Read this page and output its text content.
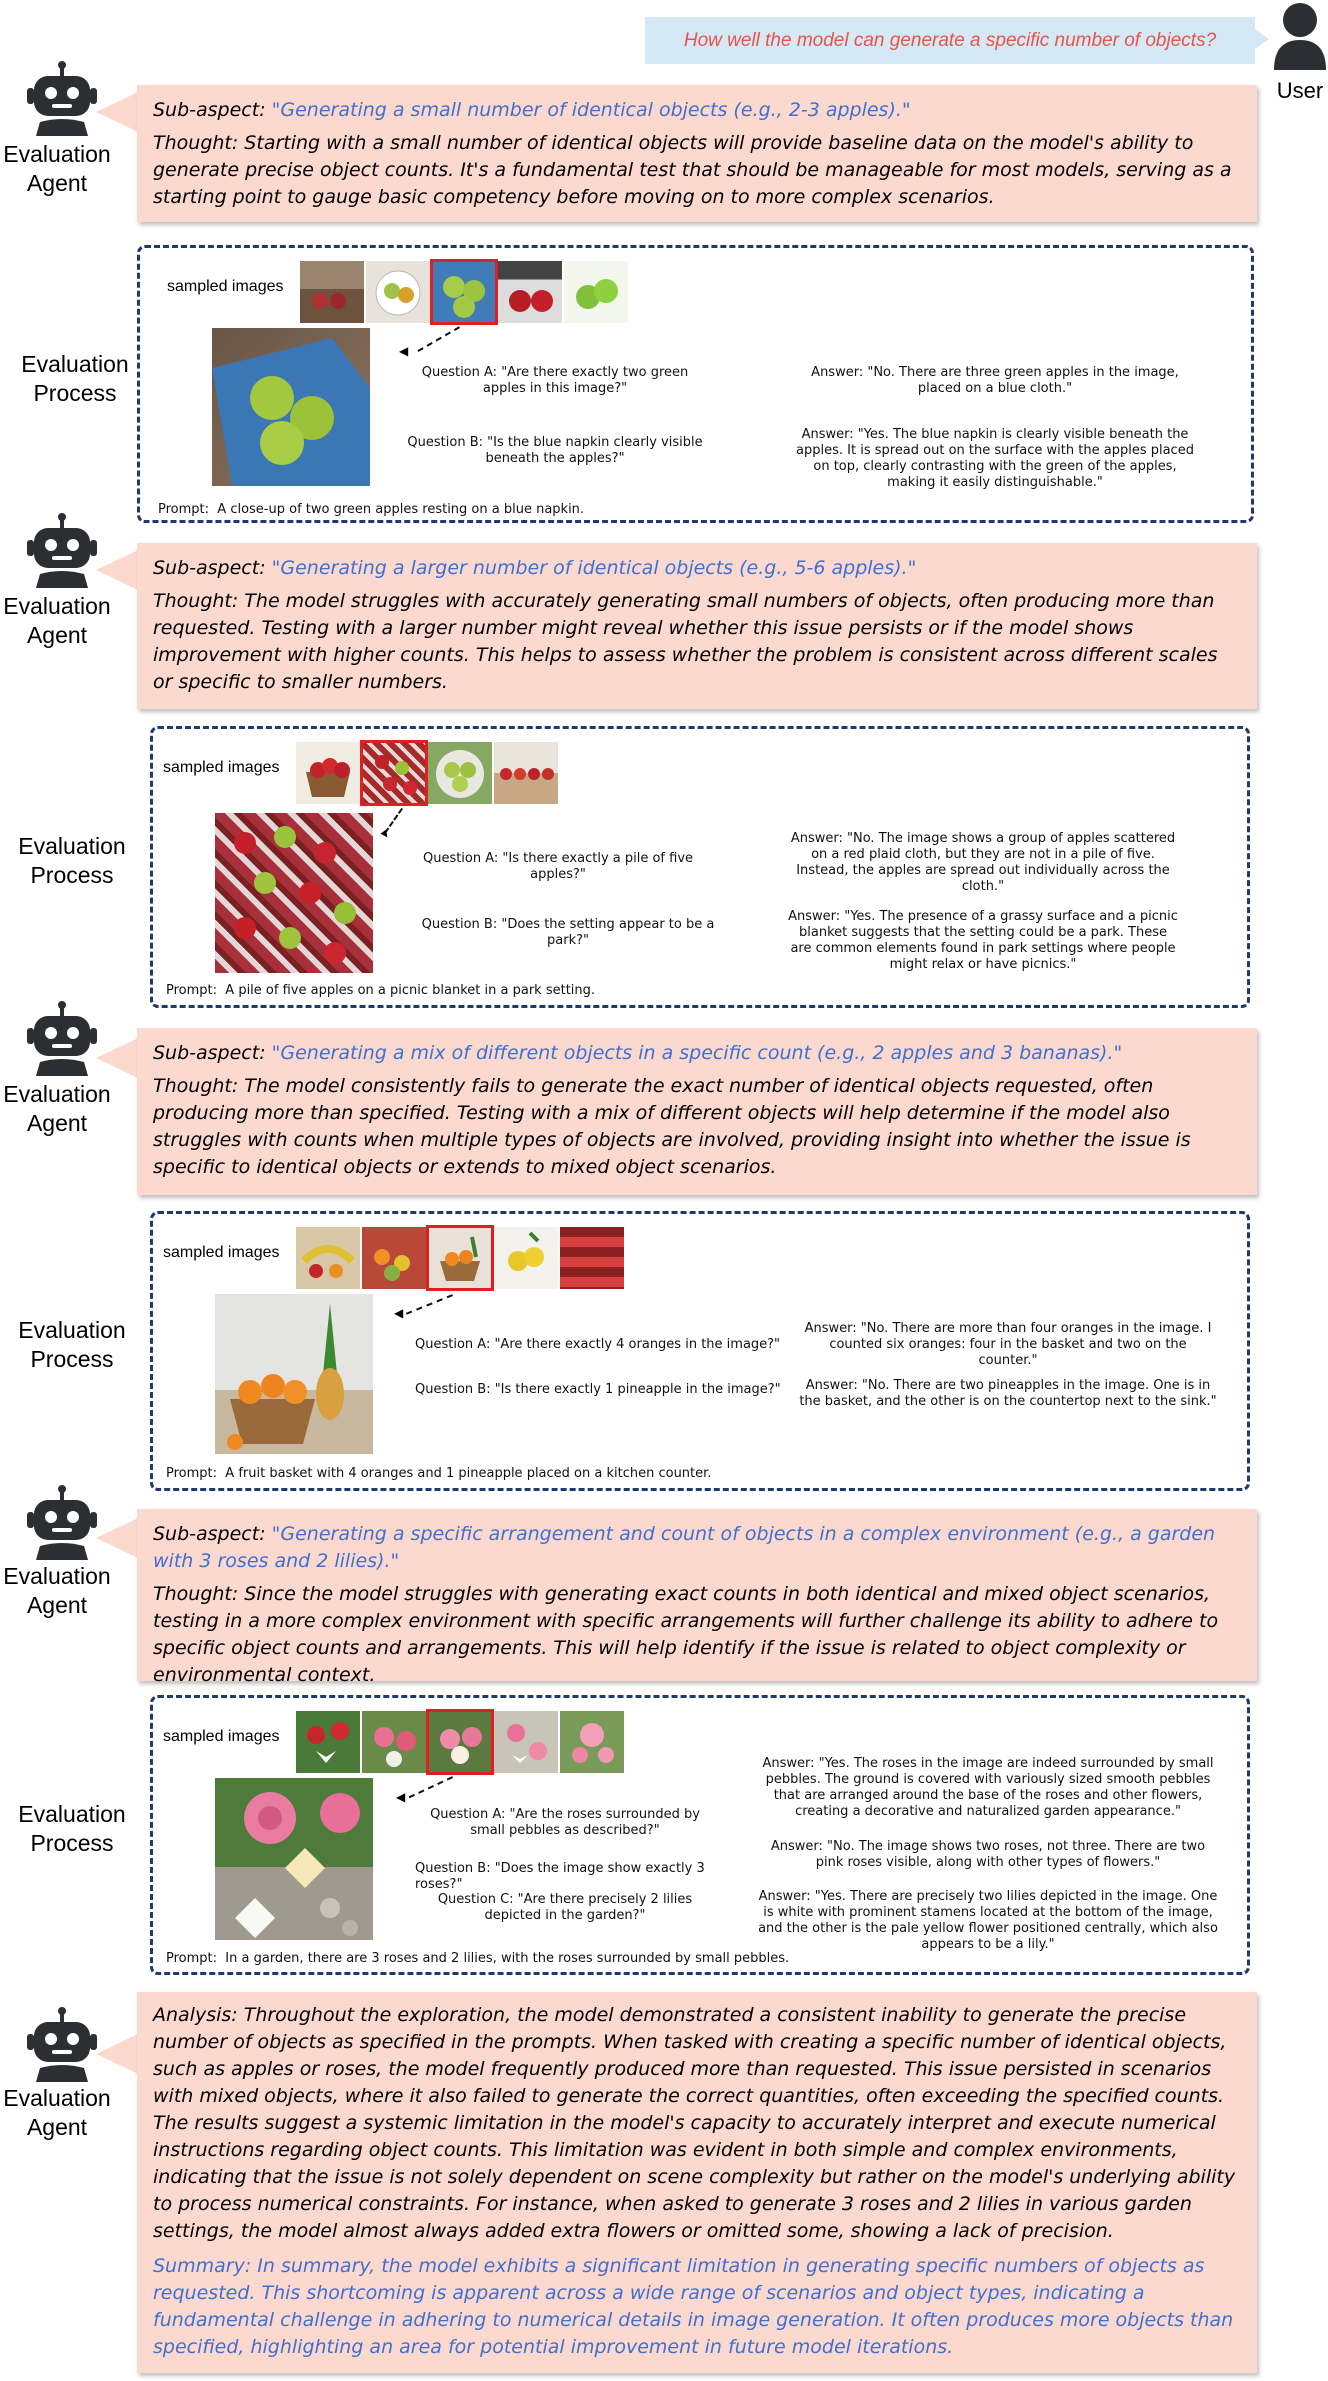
How well the model can generate a specific number of objects?
User
Evaluation
Agent

Sub-aspect: "Generating a small number of identical objects (e.g., 2-3 apples)."

Thought: Starting with a small number of identical objects will provide baseline data on the model's ability to generate precise object counts. It's a fundamental test that should be manageable for most models, serving as a starting point to gauge basic competency before moving on to more complex scenarios.

Evaluation
Process
sampled images
◀
Question A: "Are there exactly two green apples in this image?"
Question B: "Is the blue napkin clearly visible beneath the apples?"
Answer: "No. There are three green apples in the image, placed on a blue cloth."
Answer: "Yes. The blue napkin is clearly visible beneath the apples. It is spread out on the surface with the apples placed on top, clearly contrasting with the green of the apples, making it easily distinguishable."
Prompt: A close-up of two green apples resting on a blue napkin.
Evaluation
Agent

Sub-aspect: "Generating a larger number of identical objects (e.g., 5-6 apples)."

Thought: The model struggles with accurately generating small numbers of objects, often producing more than requested. Testing with a larger number might reveal whether this issue persists or if the model shows improvement with higher counts. This helps to assess whether the problem is consistent across different scales or specific to smaller numbers.

Evaluation
Process
sampled images
▼
Question A: "Is there exactly a pile of five apples?"
Question B: "Does the setting appear to be a park?"
Answer: "No. The image shows a group of apples scattered on a red plaid cloth, but they are not in a pile of five. Instead, the apples are spread out individually across the cloth."
Answer: "Yes. The presence of a grassy surface and a picnic blanket suggests that the setting could be a park. These are common elements found in park settings where people might relax or have picnics."
Prompt: A pile of five apples on a picnic blanket in a park setting.
Evaluation
Agent

Sub-aspect: "Generating a mix of different objects in a specific count (e.g., 2 apples and 3 bananas)."

Thought: The model consistently fails to generate the exact number of identical objects requested, often producing more than specified. Testing with a mix of different objects will help determine if the model also struggles with counts when multiple types of objects are involved, providing insight into whether the issue is specific to identical objects or extends to mixed object scenarios.

Evaluation
Process
sampled images
◀
Question A: "Are there exactly 4 oranges in the image?"
Question B: "Is there exactly 1 pineapple in the image?"
Answer: "No. There are more than four oranges in the image. I counted six oranges: four in the basket and two on the counter."
Answer: "No. There are two pineapples in the image. One is in the basket, and the other is on the countertop next to the sink."
Prompt: A fruit basket with 4 oranges and 1 pineapple placed on a kitchen counter.
Evaluation
Agent

Sub-aspect: "Generating a specific arrangement and count of objects in a complex environment (e.g., a garden with 3 roses and 2 lilies)."

Thought: Since the model struggles with generating exact counts in both identical and mixed object scenarios, testing in a more complex environment with specific arrangements will further challenge its ability to adhere to specific object counts and arrangements. This will help identify if the issue is related to object complexity or environmental context.

Evaluation
Process
sampled images
◀
Question A: "Are the roses surrounded by small pebbles as described?"
Question B: "Does the image show exactly 3 roses?"
Question C: "Are there precisely 2 lilies depicted in the garden?"
Answer: "Yes. The roses in the image are indeed surrounded by small pebbles. The ground is covered with variously sized smooth pebbles that are arranged around the base of the roses and other flowers, creating a decorative and naturalized garden appearance."
Answer: "No. The image shows two roses, not three. There are two pink roses visible, along with other types of flowers."
Answer: "Yes. There are precisely two lilies depicted in the image. One is white with prominent stamens located at the bottom of the image, and the other is the pale yellow flower positioned centrally, which also appears to be a lily."
Prompt: In a garden, there are 3 roses and 2 lilies, with the roses surrounded by small pebbles.
Evaluation
Agent

Analysis: Throughout the exploration, the model demonstrated a consistent inability to generate the precise number of objects as specified in the prompts. When tasked with creating a specific number of identical objects, such as apples or roses, the model frequently produced more than requested. This issue persisted in scenarios with mixed objects, where it also failed to generate the correct quantities, often exceeding the specified counts. The results suggest a systemic limitation in the model's capacity to accurately interpret and execute numerical instructions regarding object counts. This limitation was evident in both simple and complex environments, indicating that the issue is not solely dependent on scene complexity but rather on the model's underlying ability to process numerical constraints. For instance, when asked to generate 3 roses and 2 lilies in various garden settings, the model almost always added extra flowers or omitted some, showing a lack of precision.

Summary: In summary, the model exhibits a significant limitation in generating specific numbers of objects as requested. This shortcoming is apparent across a wide range of scenarios and object types, indicating a fundamental challenge in adhering to numerical details in image generation. It often produces more objects than specified, highlighting an area for potential improvement in future model iterations.
